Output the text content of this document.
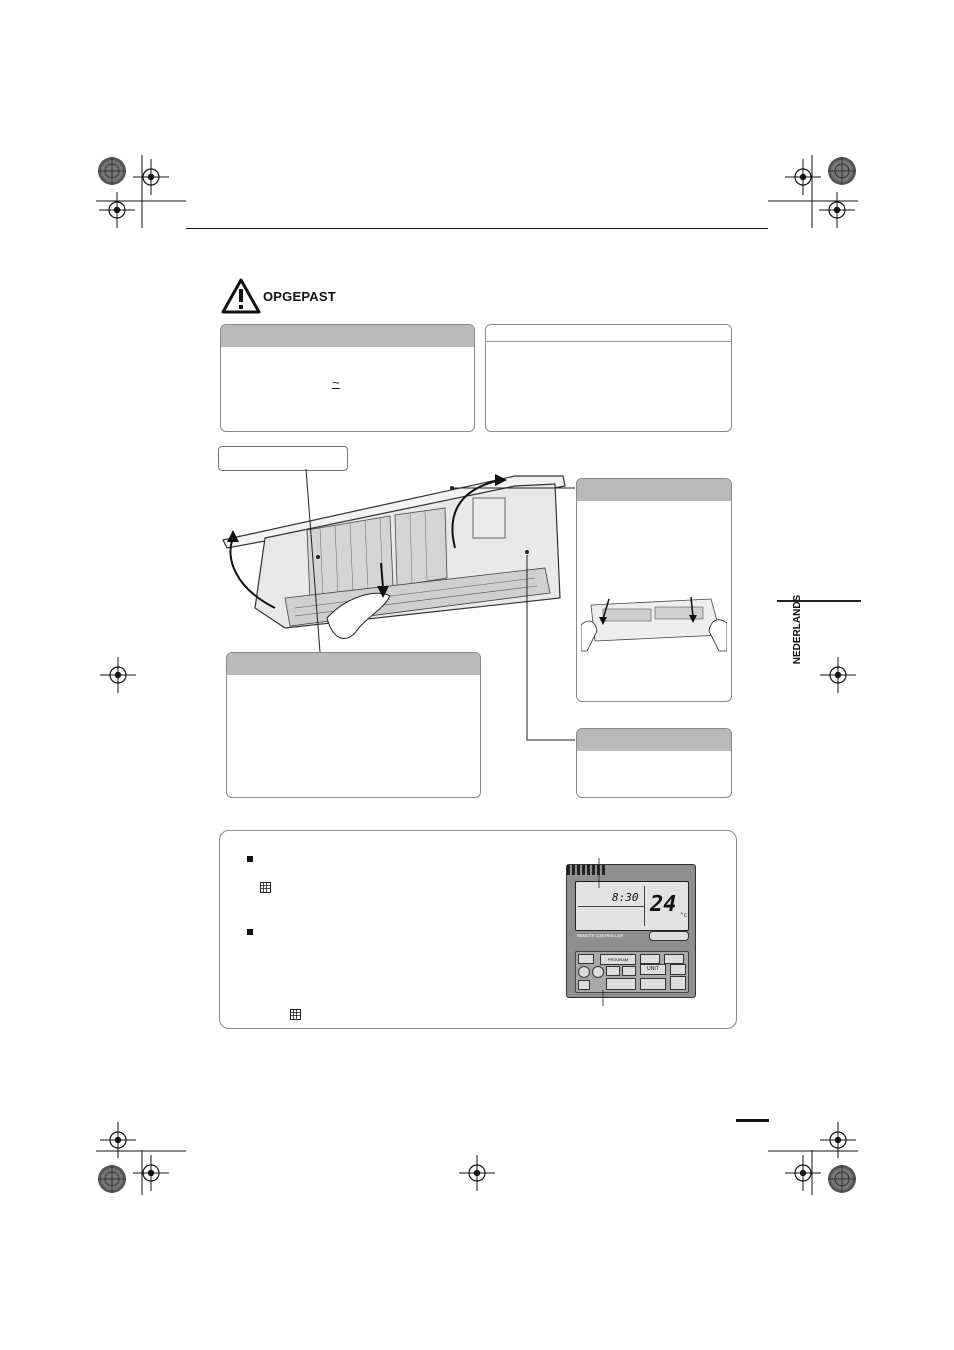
OPGEPAST
~
NEDERLANDS
8:30 24 °c
REMOTE CONTROLLER
PROGRAM
UNIT
